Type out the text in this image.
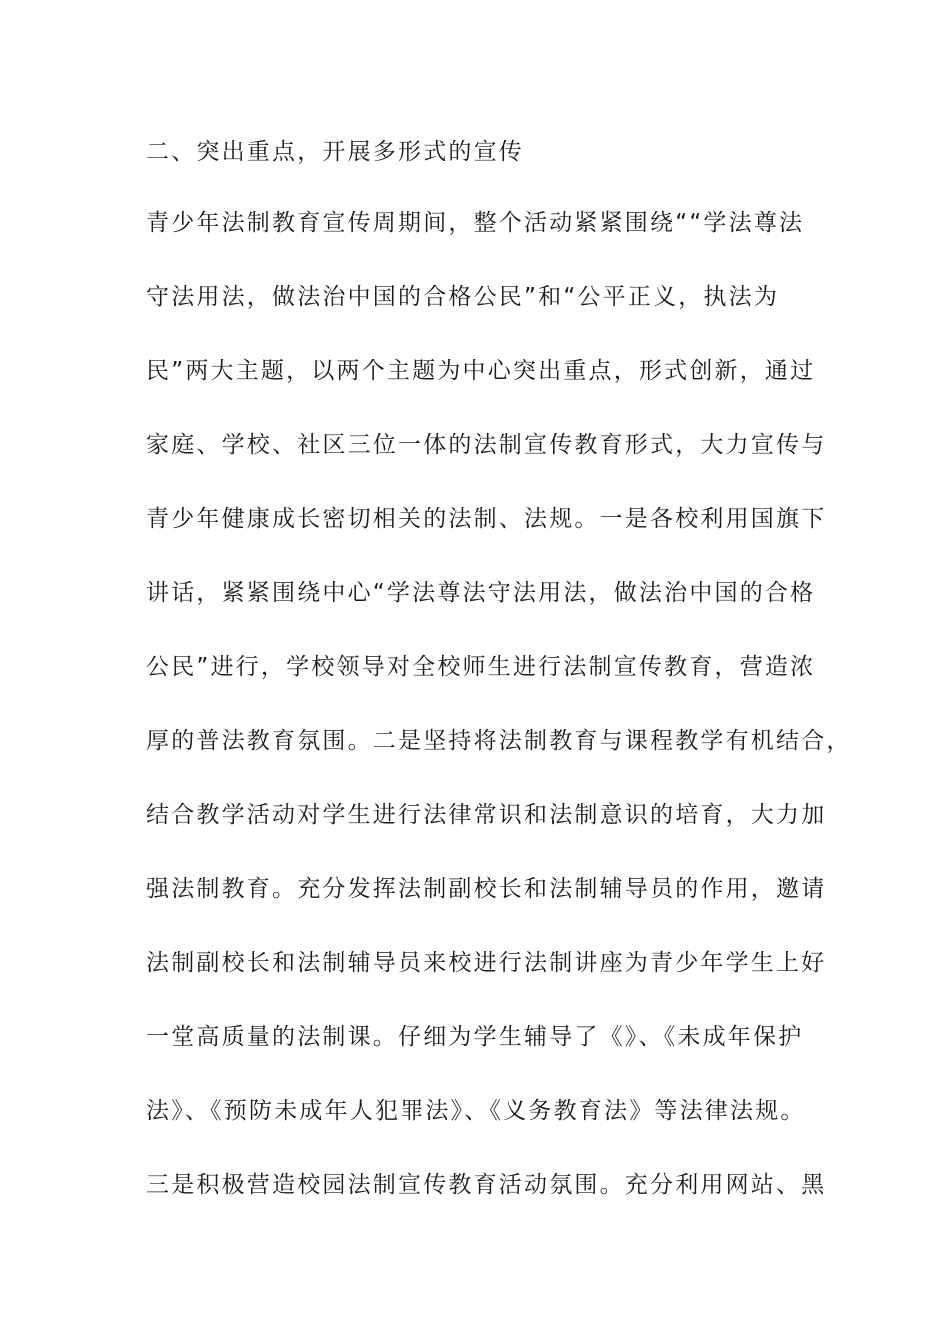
二、突出重点，开展多形式的宣传
青少年法制教育宣传周期间，整个活动紧紧围绕““学法尊法
守法用法，做法治中国的合格公民”和“公平正义，执法为
民”两大主题，以两个主题为中心突出重点，形式创新，通过
家庭、学校、社区三位一体的法制宣传教育形式，大力宣传与
青少年健康成长密切相关的法制、法规。一是各校利用国旗下
讲话，紧紧围绕中心“学法尊法守法用法，做法治中国的合格
公民”进行，学校领导对全校师生进行法制宣传教育，营造浓
厚的普法教育氛围。二是坚持将法制教育与课程教学有机结合，
结合教学活动对学生进行法律常识和法制意识的培育，大力加
强法制教育。充分发挥法制副校长和法制辅导员的作用，邀请
法制副校长和法制辅导员来校进行法制讲座为青少年学生上好
一堂高质量的法制课。仔细为学生辅导了《》、《未成年保护
法》、《预防未成年人犯罪法》、《义务教育法》等法律法规。
三是积极营造校园法制宣传教育活动氛围。充分利用网站、黑
